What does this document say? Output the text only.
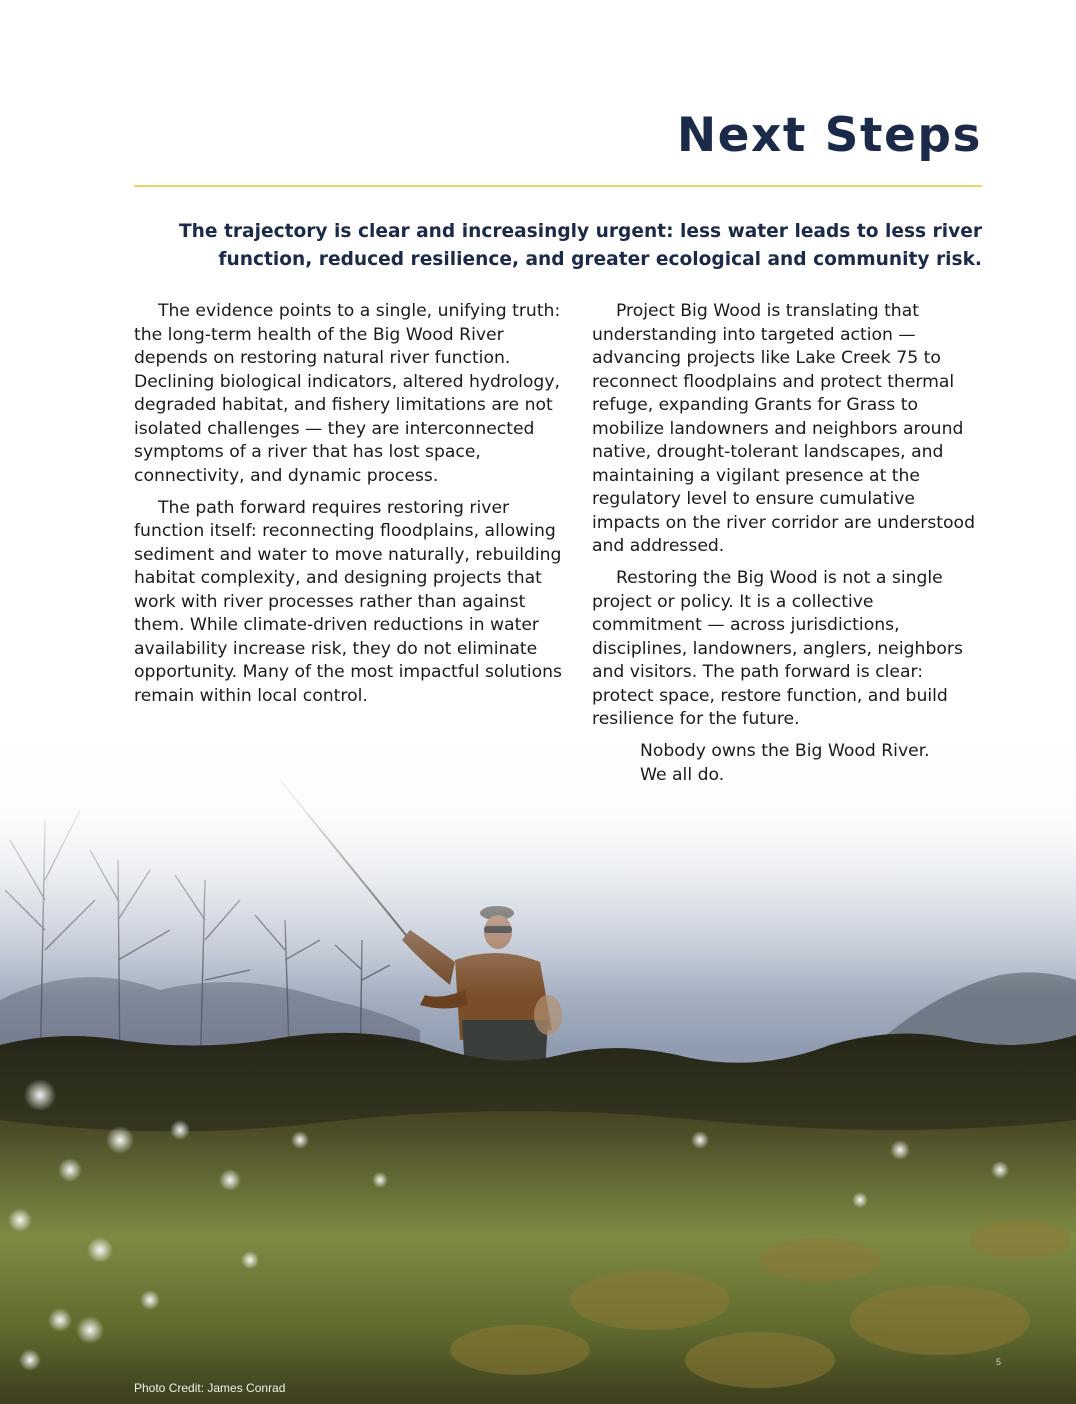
Next Steps

The trajectory is clear and increasingly urgent: less water leads to less river function, reduced resilience, and greater ecological and community risk.

The evidence points to a single, unifying truth: the long-term health of the Big Wood River depends on restoring natural river function. Declining biological indicators, altered hydrology, degraded habitat, and fishery limitations are not isolated challenges — they are interconnected symptoms of a river that has lost space, connectivity, and dynamic process.

The path forward requires restoring river function itself: reconnecting floodplains, allowing sediment and water to move naturally, rebuilding habitat complexity, and designing projects that work with river processes rather than against them. While climate-driven reductions in water availability increase risk, they do not eliminate opportunity. Many of the most impactful solutions remain within local control.

Project Big Wood is translating that understanding into targeted action — advancing projects like Lake Creek 75 to reconnect floodplains and protect thermal refuge, expanding Grants for Grass to mobilize landowners and neighbors around native, drought-tolerant landscapes, and maintaining a vigilant presence at the regulatory level to ensure cumulative impacts on the river corridor are understood and addressed.

Restoring the Big Wood is not a single project or policy. It is a collective commitment — across jurisdictions, disciplines, landowners, anglers, neighbors and visitors. The path forward is clear: protect space, restore function, and build resilience for the future.

Nobody owns the Big Wood River.
We all do.

Photo Credit: James Conrad
5
